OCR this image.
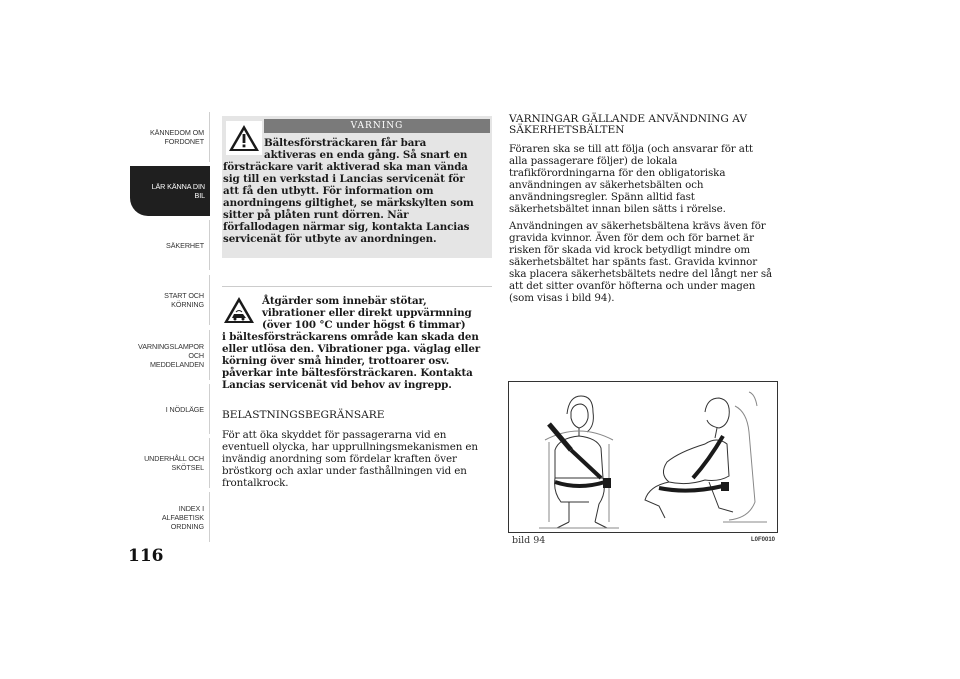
KÄNNEDOM OM
FORDONET
LÄR KÄNNA DIN
BIL
SÄKERHET
START OCH
KÖRNING
VARNINGSLAMPOR
OCH
MEDDELANDEN
I NÖDLÄGE
UNDERHÅLL OCH
SKÖTSEL
INDEX I
ALFABETISK
ORDNING
116
VARNING
Bältesförsträckaren får bara
aktiveras en enda gång. Så snart en
försträckare varit aktiverad ska man vända
sig till en verkstad i Lancias servicenät för
att få den utbytt. För information om
anordningens giltighet, se märkskylten som
sitter på plåten runt dörren. När
förfallodagen närmar sig, kontakta Lancias
servicenät för utbyte av anordningen.
Åtgärder som innebär stötar,
vibrationer eller direkt uppvärmning
(över 100 °C under högst 6 timmar)
i bältesförsträckarens område kan skada den
eller utlösa den. Vibrationer pga. väglag eller
körning över små hinder, trottoarer osv.
påverkar inte bältesförsträckaren. Kontakta
Lancias servicenät vid behov av ingrepp.
BELASTNINGSBEGRÄNSARE
För att öka skyddet för passagerarna vid en
eventuell olycka, har upprullningsmekanismen en
invändig anordning som fördelar kraften över
bröstkorg och axlar under fasthållningen vid en
frontalkrock.
VARNINGAR GÄLLANDE ANVÄNDNING AV
SÄKERHETSBÄLTEN
Föraren ska se till att följa (och ansvarar för att
alla passagerare följer) de lokala
trafikförordningarna för den obligatoriska
användningen av säkerhetsbälten och
användningsregler. Spänn alltid fast
säkerhetsbältet innan bilen sätts i rörelse.
Användningen av säkerhetsbältena krävs även för
gravida kvinnor. Även för dem och för barnet är
risken för skada vid krock betydligt mindre om
säkerhetsbältet har spänts fast. Gravida kvinnor
ska placera säkerhetsbältets nedre del långt ner så
att det sitter ovanför höfterna och under magen
(som visas i bild 94).
bild 94	L0F0010
